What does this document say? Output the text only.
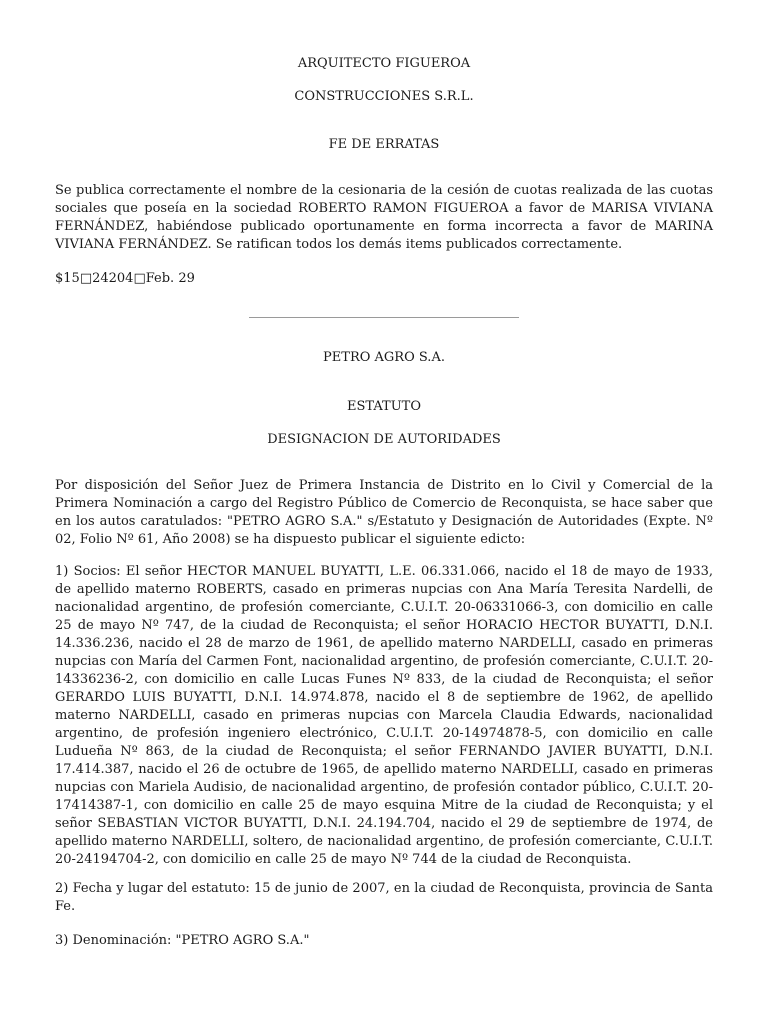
ARQUITECTO FIGUEROA
CONSTRUCCIONES S.R.L.
FE DE ERRATAS

Se publica correctamente el nombre de la cesionaria de la cesión de cuotas realizada de las cuotas sociales que poseía en la sociedad ROBERTO RAMON FIGUEROA a favor de MARISA VIVIANA FERNÁNDEZ, habiéndose publicado oportunamente en forma incorrecta a favor de MARINA VIVIANA FERNÁNDEZ. Se ratifican todos los demás items publicados correctamente.

$15□24204□Feb. 29

PETRO AGRO S.A.
ESTATUTO
DESIGNACION DE AUTORIDADES

Por disposición del Señor Juez de Primera Instancia de Distrito en lo Civil y Comercial de la Primera Nominación a cargo del Registro Público de Comercio de Reconquista, se hace saber que en los autos caratulados: "PETRO AGRO S.A." s/Estatuto y Designación de Autoridades (Expte. Nº 02, Folio Nº 61, Año 2008) se ha dispuesto publicar el siguiente edicto:

1) Socios: El señor HECTOR MANUEL BUYATTI, L.E. 06.331.066, nacido el 18 de mayo de 1933, de apellido materno ROBERTS, casado en primeras nupcias con Ana María Teresita Nardelli, de nacionalidad argentino, de profesión comerciante, C.U.I.T. 20-06331066-3, con domicilio en calle 25 de mayo Nº 747, de la ciudad de Reconquista; el señor HORACIO HECTOR BUYATTI, D.N.I. 14.336.236, nacido el 28 de marzo de 1961, de apellido materno NARDELLI, casado en primeras nupcias con María del Carmen Font, nacionalidad argentino, de profesión comerciante, C.U.I.T. 20-14336236-2, con domicilio en calle Lucas Funes Nº 833, de la ciudad de Reconquista; el señor GERARDO LUIS BUYATTI, D.N.I. 14.974.878, nacido el 8 de septiembre de 1962, de apellido materno NARDELLI, casado en primeras nupcias con Marcela Claudia Edwards, nacionalidad argentino, de profesión ingeniero electrónico, C.U.I.T. 20-14974878-5, con domicilio en calle Ludueña Nº 863, de la ciudad de Reconquista; el señor FERNANDO JAVIER BUYATTI, D.N.I. 17.414.387, nacido el 26 de octubre de 1965, de apellido materno NARDELLI, casado en primeras nupcias con Mariela Audisio, de nacionalidad argentino, de profesión contador público, C.U.I.T. 20-17414387-1, con domicilio en calle 25 de mayo esquina Mitre de la ciudad de Reconquista; y el señor SEBASTIAN VICTOR BUYATTI, D.N.I. 24.194.704, nacido el 29 de septiembre de 1974, de apellido materno NARDELLI, soltero, de nacionalidad argentino, de profesión comerciante, C.U.I.T. 20-24194704-2, con domicilio en calle 25 de mayo Nº 744 de la ciudad de Reconquista.

2) Fecha y lugar del estatuto: 15 de junio de 2007, en la ciudad de Reconquista, provincia de Santa Fe.

3) Denominación: "PETRO AGRO S.A."
